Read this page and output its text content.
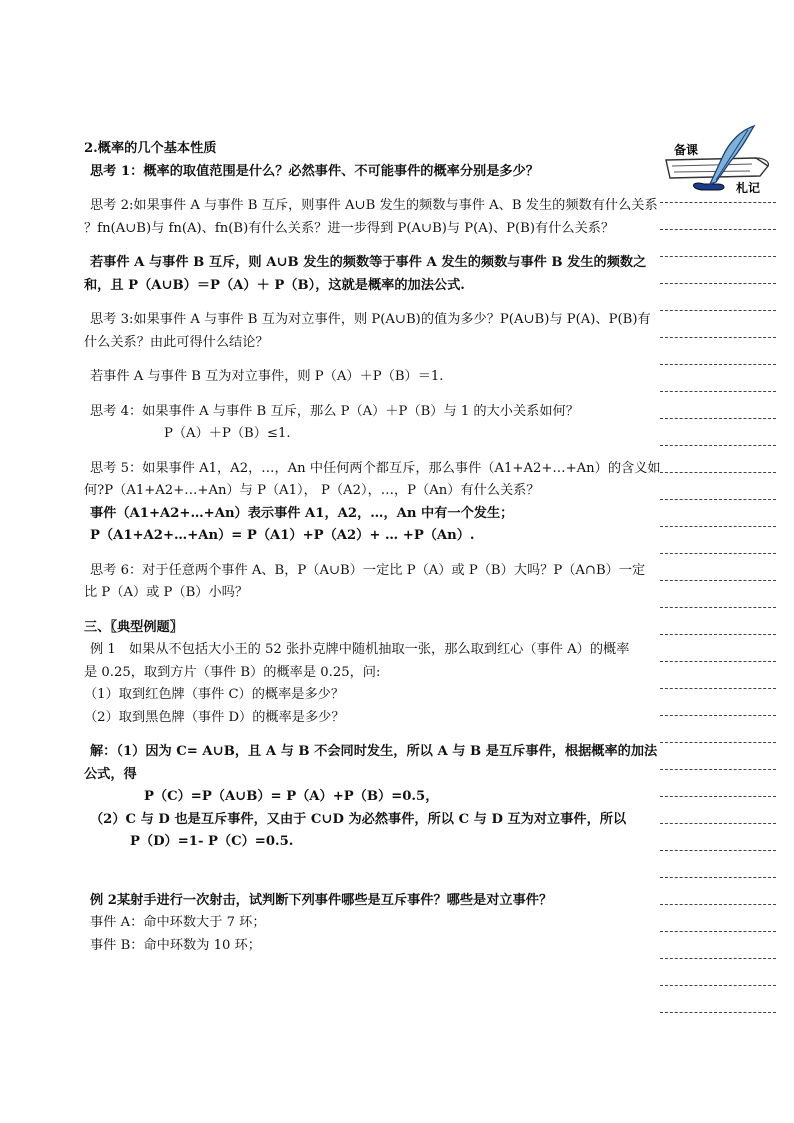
2.概率的几个基本性质
思考 1：概率的取值范围是什么？必然事件、不可能事件的概率分别是多少？
思考 2:如果事件 A 与事件 B 互斥，则事件 A∪B 发生的频数与事件 A、B 发生的频数有什么关系
？fn(A∪B)与 fn(A)、fn(B)有什么关系？进一步得到 P(A∪B)与 P(A)、P(B)有什么关系？
若事件 A 与事件 B 互斥，则 A∪B 发生的频数等于事件 A 发生的频数与事件 B 发生的频数之
和，且 P（A∪B）＝P（A）＋ P（B），这就是概率的加法公式.
思考 3:如果事件 A 与事件 B 互为对立事件，则 P(A∪B)的值为多少？P(A∪B)与 P(A)、P(B)有
什么关系？由此可得什么结论？
若事件 A 与事件 B 互为对立事件，则 P（A）＋P（B）＝1.
思考 4：如果事件 A 与事件 B 互斥，那么 P（A）＋P（B）与 1 的大小关系如何？
P（A）＋P（B）≤1.
思考 5：如果事件 A1，A2，…，An 中任何两个都互斥，那么事件（A1+A2+…+An）的含义如
何?P（A1+A2+…+An）与 P（A1）， P（A2），…，P（An）有什么关系？
事件（A1+A2+…+An）表示事件 A1，A2，…，An 中有一个发生；
P（A1+A2+…+An）= P（A1）+P（A2）+ … +P（An）.
思考 6：对于任意两个事件 A、B，P（A∪B）一定比 P（A）或 P（B）大吗？P（A∩B）一定
比 P（A）或 P（B）小吗？
三、〖典型例题〗
例 1　如果从不包括大小王的 52 张扑克牌中随机抽取一张，那么取到红心（事件 A）的概率
是 0.25，取到方片（事件 B）的概率是 0.25，问:
（1）取到红色牌（事件 C）的概率是多少？
（2）取到黑色牌（事件 D）的概率是多少？
解：（1）因为 C= A∪B，且 A 与 B 不会同时发生，所以 A 与 B 是互斥事件，根据概率的加法
公式，得
P（C）=P（A∪B）= P（A）+P（B）=0.5，
（2）C 与 D 也是互斥事件，又由于 C∪D 为必然事件，所以 C 与 D 互为对立事件，所以
P（D）=1- P（C）=0.5.
例 2某射手进行一次射击，试判断下列事件哪些是互斥事件？哪些是对立事件？
事件 A：命中环数大于 7 环；
事件 B：命中环数为 10 环；
备课
札记
